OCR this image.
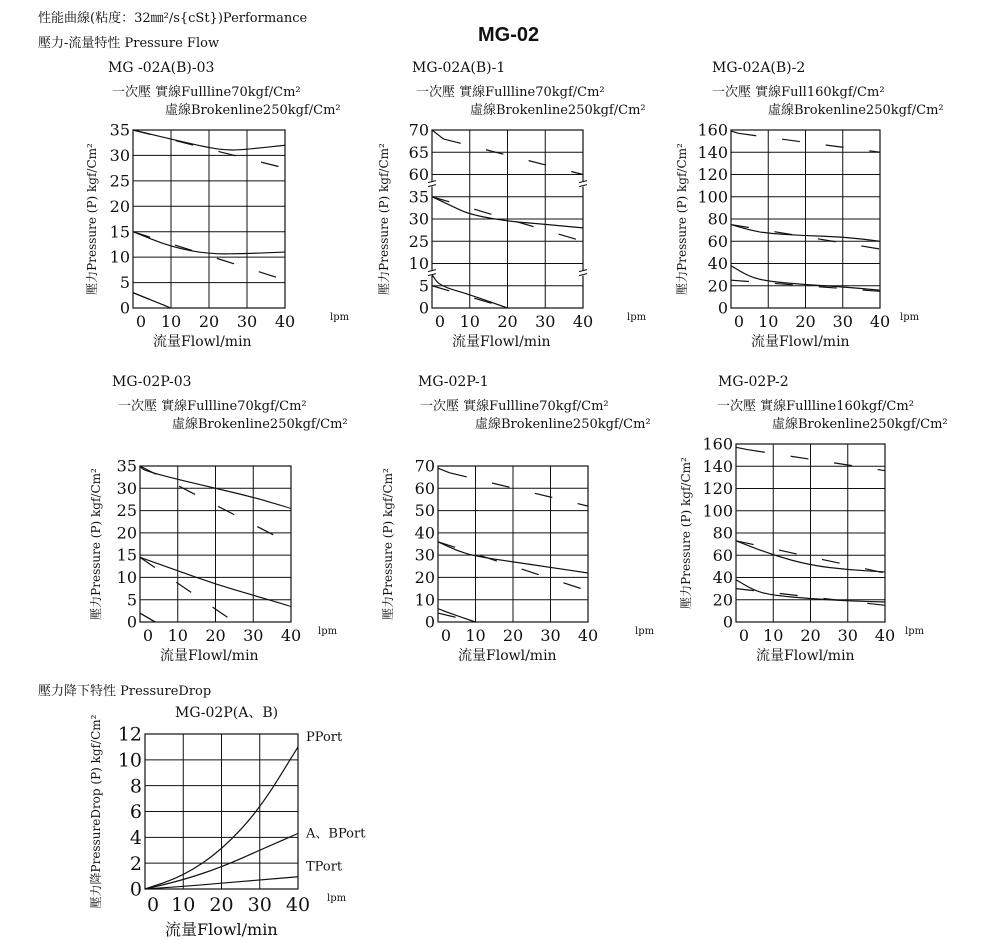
性能曲線(粘度：32㎜²/s{cSt})Performance
壓力-流量特性 Pressure Flow	MG-02
壓力降下特性 PressureDrop
0
5
10
15
20
25
30
35
0 10 20 30 40	lpm
MG -02A(B)-03
一次壓 實線Fullline70kgf/Cm²
虛線Brokenline250kgf/Cm²
流量Flowl/min
壓力Pressure (P) kgf/Cm²
0
5
10
25
30
35
60
65
70
0 10 20 30 40	lpm
MG-02A(B)-1
一次壓 實線Fullline70kgf/Cm²
虛線Brokenline250kgf/Cm²
流量Flowl/min
壓力Pressure (P) kgf/Cm²
0
20
40
60
80
100
120
140
160
0 10 20 30 40 lpm
MG-02A(B)-2
一次壓 實線Full160kgf/Cm²
虛線Brokenline250kgf/Cm²
流量Flowl/min
壓力Pressure (P) kgf/Cm²
0
5
10
15
20
25
30
35
0 10 20 30 40 lpm
MG-02P-03
一次壓 實線Fullline70kgf/Cm²
虛線Brokenline250kgf/Cm²
流量Flowl/min
壓力Pressure (P) kgf/Cm²
0
10
20
30
40
50
60
70
0 10 20 30 40	lpm
MG-02P-1
一次壓 實線Fullline70kgf/Cm²
虛線Brokenline250kgf/Cm²
流量Flowl/min
壓力Pressure (P) kgf/Cm²
0
20
40
60
80
100
120
140
160
0 10 20 30 40 lpm
MG-02P-2
一次壓 實線Fullline160kgf/Cm²
虛線Brokenline250kgf/Cm²
流量Flowl/min
壓力Pressure (P) kgf/Cm²
0
2
4
6
8
10
12
0 10 20 30 40 lpm
MG-02P(A、B)
流量Flowl/min
壓力降PressureDrop (P) kgf/Cm²	PPort
A、BPort
TPort
